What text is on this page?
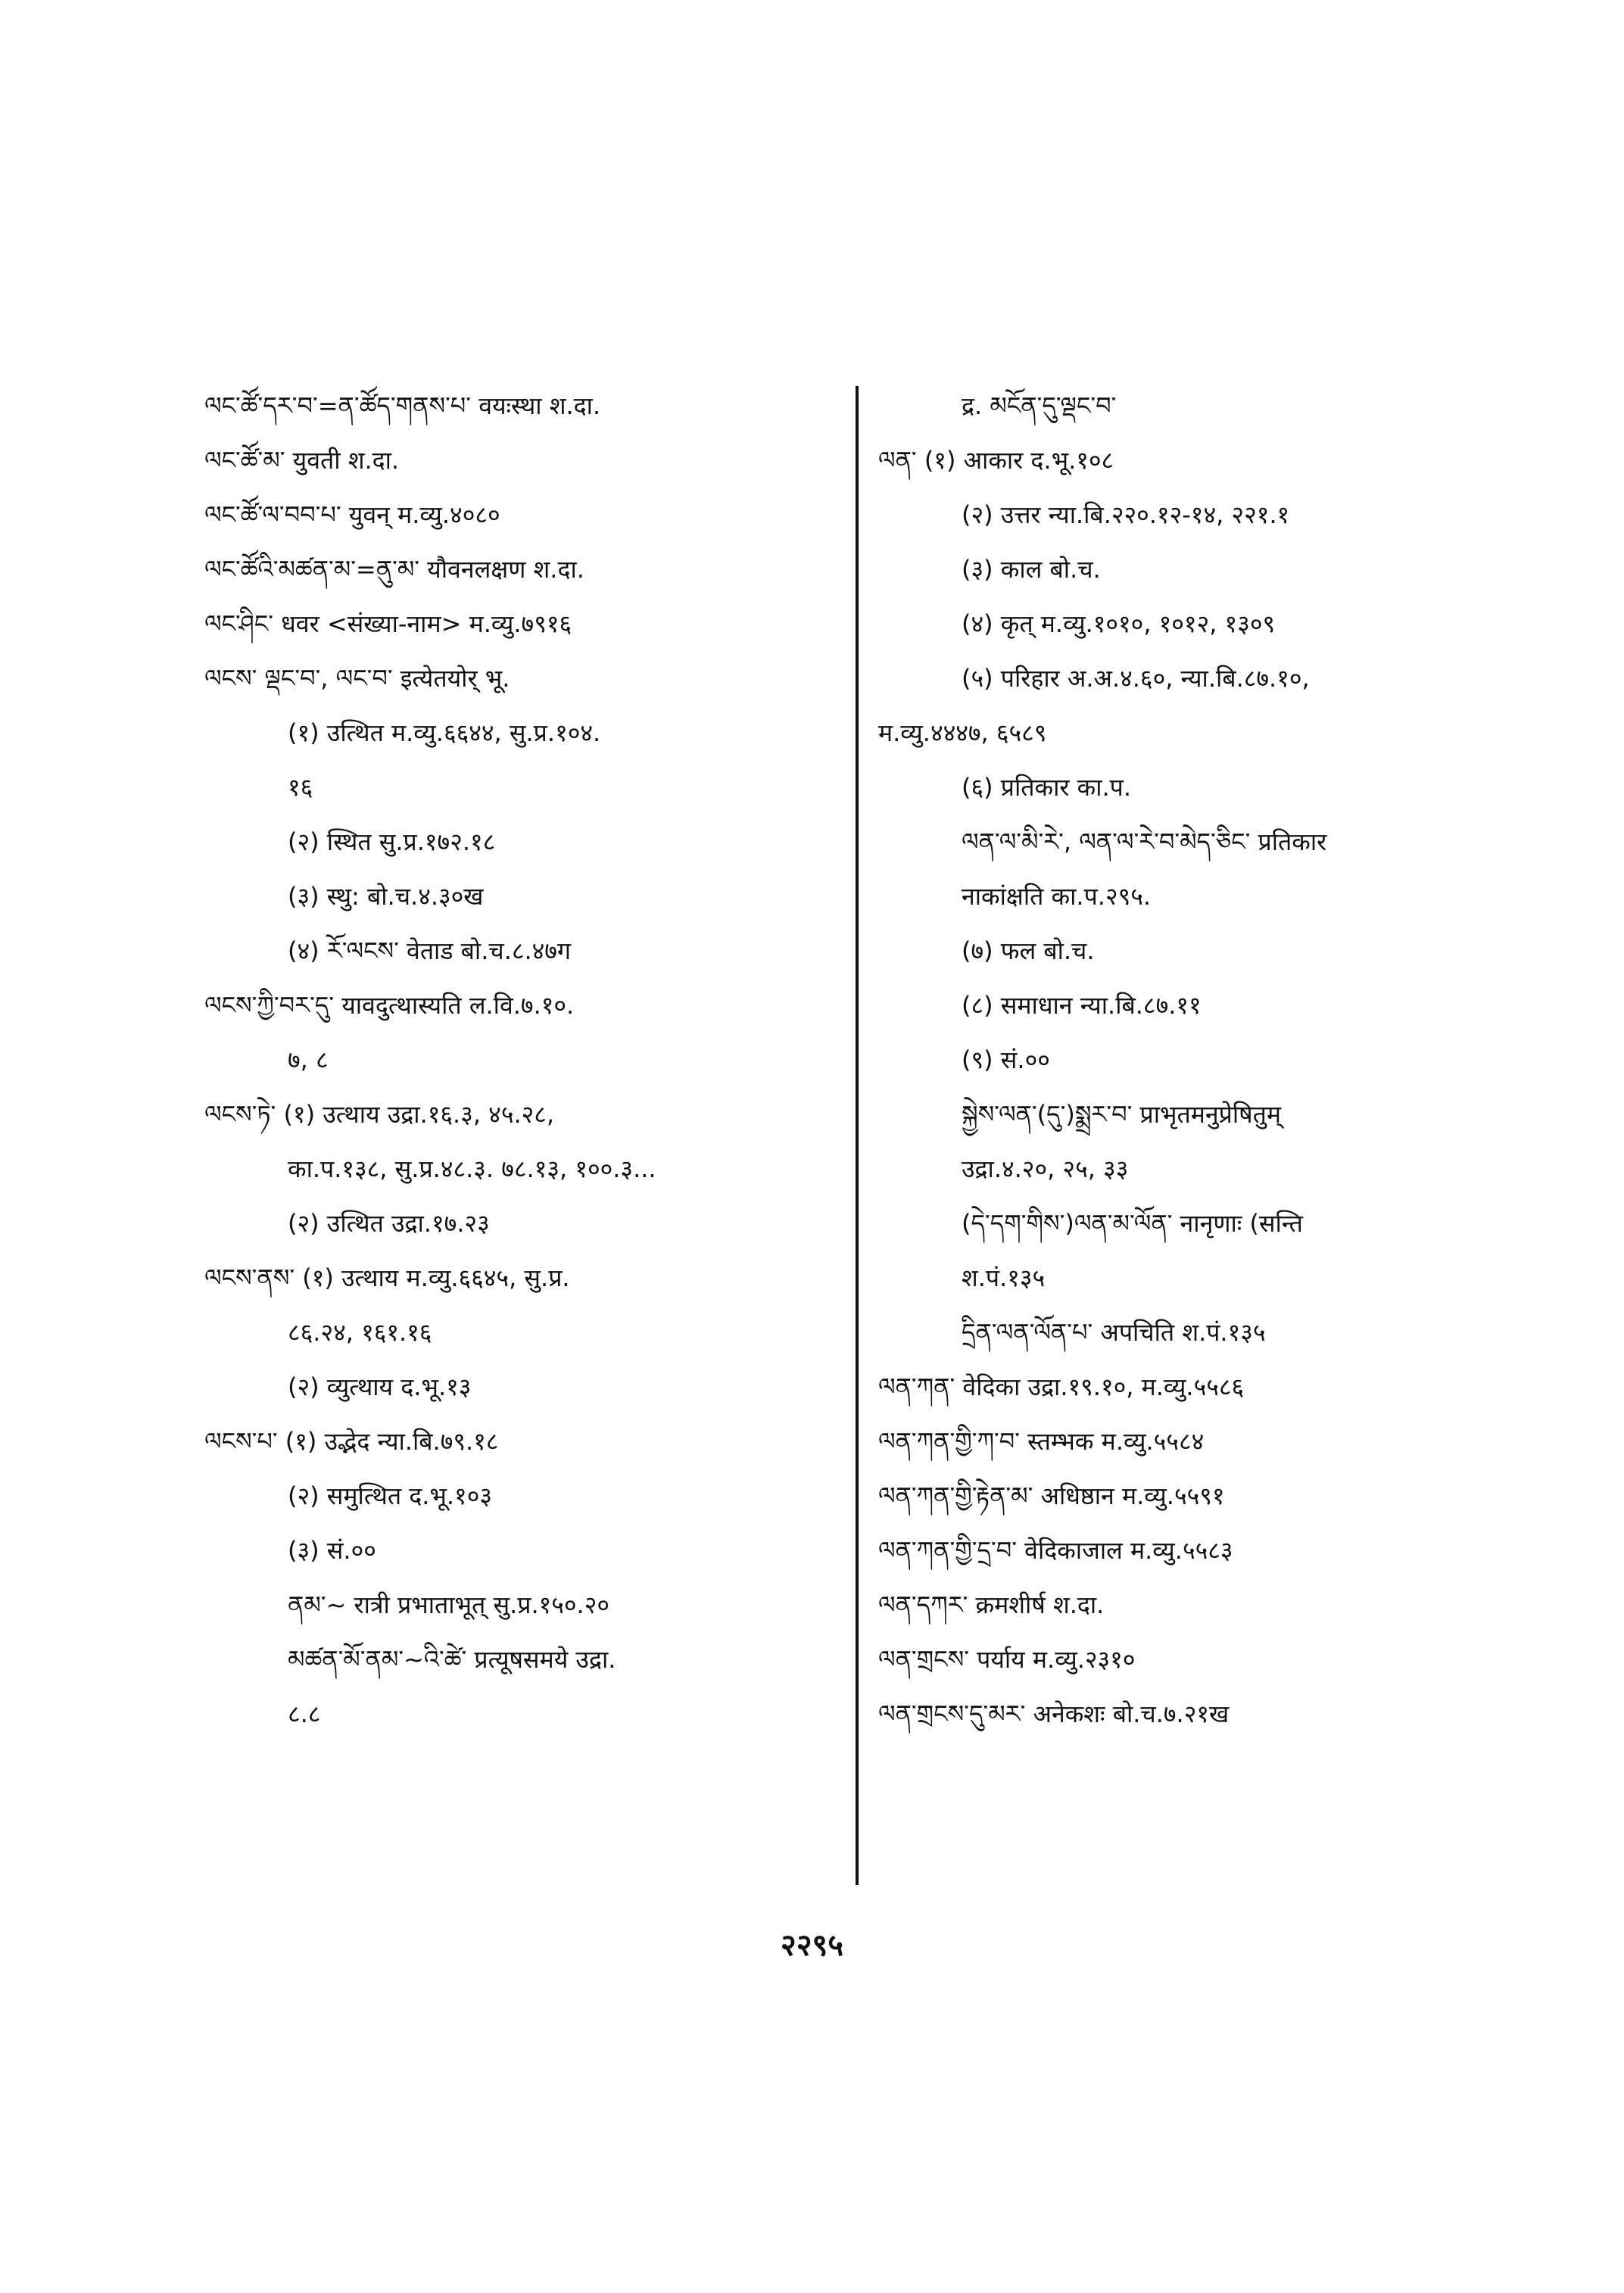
ལང་ཚོ་དར་བ་=ན་ཚོད་གནས་པ་ वयःस्था श.दा.
ལང་ཚོ་མ་ युवती श.दा.
ལང་ཚོ་ལ་བབ་པ་ युवन् म.व्यु.४०८०
ལང་ཚོའི་མཚན་མ་=ནུ་མ་ यौवनलक्षण श.दा.
ལང་ཤིང་ धवर <संख्या-नाम> म.व्यु.७९१६
ལངས་ ལྡང་བ་, ལང་བ་ इत्येतयोर् भू.
(१) उत्थित म.व्यु.६६४४, सु.प्र.१०४.
१६
(२) स्थित सु.प्र.१७२.१८
(३) स्थु: बो.च.४.३०ख
(४) རོ་ལངས་ वेताड बो.च.८.४७ग
ལངས་ཀྱི་བར་དུ་ यावदुत्थास्यति ल.वि.७.१०.
७, ८
ལངས་ཏེ་ (१) उत्थाय उद्रा.१६.३, ४५.२८,
का.प.१३८, सु.प्र.४८.३. ७८.१३, १००.३...
(२) उत्थित उद्रा.१७.२३
ལངས་ནས་ (१) उत्थाय म.व्यु.६६४५, सु.प्र.
८६.२४, १६१.१६
(२) व्युत्थाय द.भू.१३
ལངས་པ་ (१) उद्भेद न्या.बि.७९.१८
(२) समुत्थित द.भू.१०३
(३) सं.००
ནམ་~ रात्री प्रभाताभूत् सु.प्र.१५०.२०
མཚན་མོ་ནམ་~འི་ཚེ་ प्रत्यूषसमये उद्रा.
८.८
द्र. མངོན་དུ་ལྡང་བ་
ལན་ (१) आकार द.भू.१०८
(२) उत्तर न्या.बि.२२०.१२-१४, २२१.१
(३) काल बो.च.
(४) कृत् म.व्यु.१०१०, १०१२, १३०९
(५) परिहार अ.अ.४.६०, न्या.बि.८७.१०,
म.व्यु.४४४७, ६५८९
(६) प्रतिकार का.प.
ལན་ལ་མི་རེ་, ལན་ལ་རེ་བ་མེད་ཅིང་ प्रतिकार
नाकांक्षति का.प.२९५.
(७) फल बो.च.
(८) समाधान न्या.बि.८७.११
(९) सं.००
སྐྱེས་ལན་(དུ་)སྨྲར་བ་ प्राभृतमनुप्रेषितुम्
उद्रा.४.२०, २५, ३३
(དེ་དག་གིས་)ལན་མ་ལོན་ नानृणाः (सन्ति
श.पं.१३५
དྲིན་ལན་ལོན་པ་ अपचिति श.पं.१३५
ལན་ཀན་ वेदिका उद्रा.१९.१०, म.व्यु.५५८६
ལན་ཀན་གྱི་ཀ་བ་ स्तम्भक म.व्यु.५५८४
ལན་ཀན་གྱི་རྟེན་མ་ अधिष्ठान म.व्यु.५५९१
ལན་ཀན་གྱི་དྲ་བ་ वेदिकाजाल म.व्यु.५५८३
ལན་དཀར་ क्रमशीर्ष श.दा.
ལན་གྲངས་ पर्याय म.व्यु.२३१०
ལན་གྲངས་དུ་མར་ अनेकशः बो.च.७.२१ख
२२९५
